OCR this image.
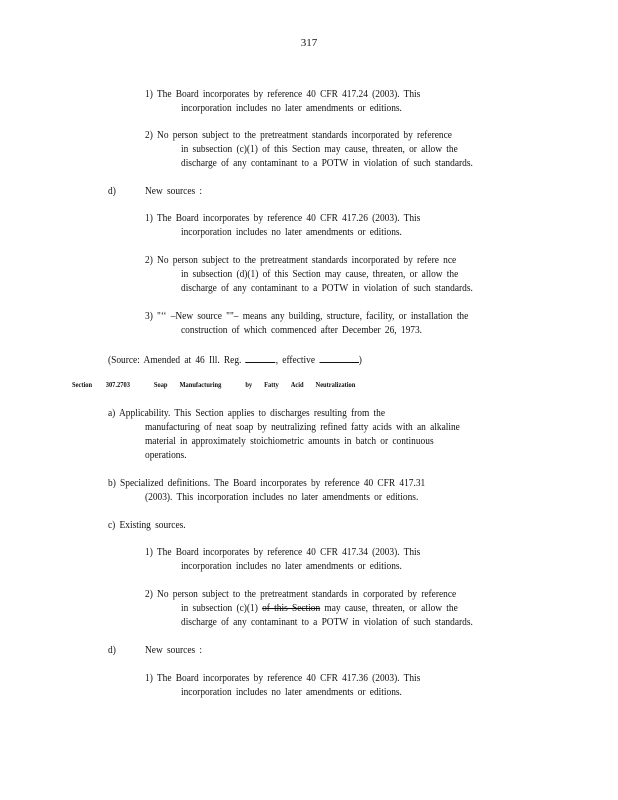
317
1) The Board incorporates by reference 40 CFR 417.24 (2003). This
incorporation includes no later amendments or editions.
2) No person subject to the pretreatment standards incorporated by reference
in subsection (c)(1) of this Section may cause, threaten, or allow the
discharge of any contaminant to a POTW in violation of such standards.
d)	New sources :
1) The Board incorporates by reference 40 CFR 417.26 (2003). This
incorporation includes no later amendments or editions.
2) No person subject to the pretreatment standards incorporated by refere nce
in subsection (d)(1) of this Section may cause, threaten, or allow the
discharge of any contaminant to a POTW in violation of such standards.
3) "‘‘ –New source ""– means any building, structure, facility, or installation the
construction of which commenced after December 26, 1973.
(Source: Amended at 46 Ill. Reg.	, effective	)
Section 307.2703	Soap Manufacturing	by Fatty Acid Neutralization
a) Applicability. This Section applies to discharges resulting from the
manufacturing of neat soap by neutralizing refined fatty acids with an alkaline
material in approximately stoichiometric amounts in batch or continuous
operations.
b) Specialized definitions. The Board incorporates by reference 40 CFR 417.31
(2003). This incorporation includes no later amendments or editions.
c) Existing sources.
1) The Board incorporates by reference 40 CFR 417.34 (2003). This
incorporation includes no later amendments or editions.
2) No person subject to the pretreatment standards in corporated by reference
in subsection (c)(1) of this Section may cause, threaten, or allow the
discharge of any contaminant to a POTW in violation of such standards.
d)	New sources :
1) The Board incorporates by reference 40 CFR 417.36 (2003). This
incorporation includes no later amendments or editions.
